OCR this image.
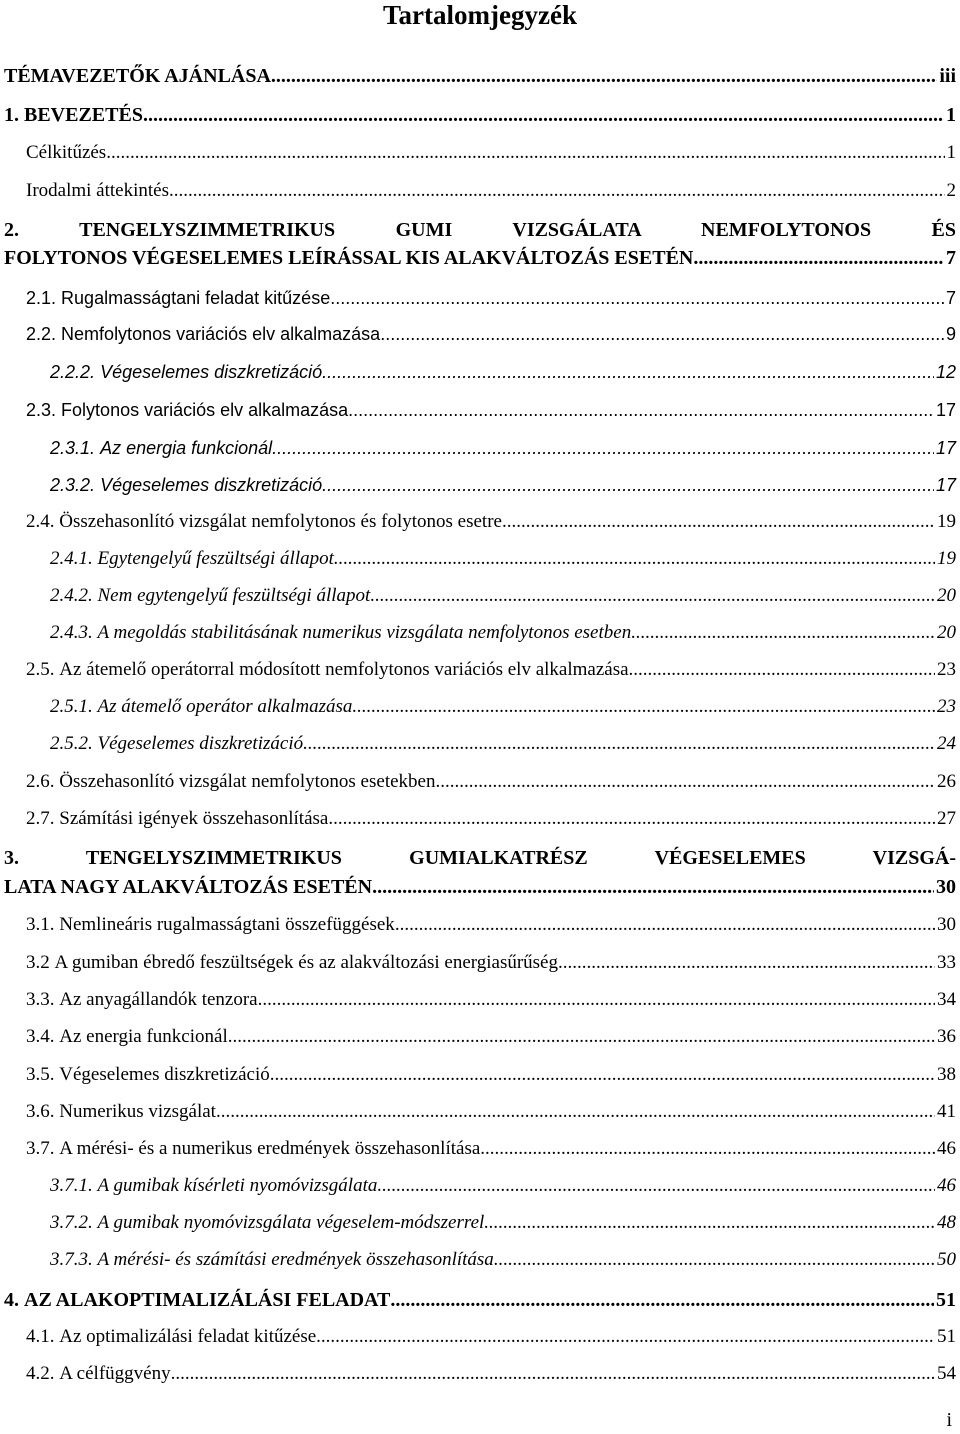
Tartalomjegyzék
TÉMAVEZETŐK AJÁNLÁSA .....	iii
1. BEVEZETÉS. .....	1
Célkitűzés .....	1
Irodalmi áttekintés .....	2
2.	TENGELYSZIMMETRIKUS GUMI VIZSGÁLATA NEMFOLYTONOS ÉS
FOLYTONOS VÉGESELEMES LEÍRÁSSAL KIS ALAKVÁLTOZÁS ESETÉN .....	7
2.1. Rugalmasságtani feladat kitűzése .....	7
2.2. Nemfolytonos variációs elv alkalmazása .....	9
2.2.2. Végeselemes diszkretizáció .....	12
2.3. Folytonos variációs elv alkalmazása .....	17
2.3.1. Az energia funkcionál .....	17
2.3.2. Végeselemes diszkretizáció .....	17
2.4. Összehasonlító vizsgálat nemfolytonos és folytonos esetre .....	19
2.4.1. Egytengelyű feszültségi állapot .....	19
2.4.2. Nem egytengelyű feszültségi állapot .....	20
2.4.3. A megoldás stabilitásának numerikus vizsgálata nemfolytonos esetben .....	20
2.5. Az átemelő operátorral módosított nemfolytonos variációs elv alkalmazása .....	23
2.5.1. Az átemelő operátor alkalmazása .....	23
2.5.2. Végeselemes diszkretizáció .....	24
2.6. Összehasonlító vizsgálat nemfolytonos esetekben .....	26
2.7. Számítási igények összehasonlítása .....	27
3.	TENGELYSZIMMETRIKUS GUMIALKATRÉSZ VÉGESELEMES VIZSGÁ-
LATA NAGY ALAKVÁLTOZÁS ESETÉN .....	30
3.1. Nemlineáris rugalmasságtani összefüggések .....	30
3.2 A gumiban ébredő feszültségek és az alakváltozási energiasűrűség .....	33
3.3. Az anyagállandók tenzora .....	34
3.4. Az energia funkcionál .....	36
3.5. Végeselemes diszkretizáció .....	38
3.6. Numerikus vizsgálat .....	41
3.7. A mérési- és a numerikus eredmények összehasonlítása .....	46
3.7.1. A gumibak kísérleti nyomóvizsgálata .....	46
3.7.2. A gumibak nyomóvizsgálata végeselem-módszerrel .....	48
3.7.3. A mérési- és számítási eredmények összehasonlítása .....	50
4. AZ ALAKOPTIMALIZÁLÁSI FELADAT .....	51
4.1. Az optimalizálási feladat kitűzése .....	51
4.2. A célfüggvény .....	54
i
